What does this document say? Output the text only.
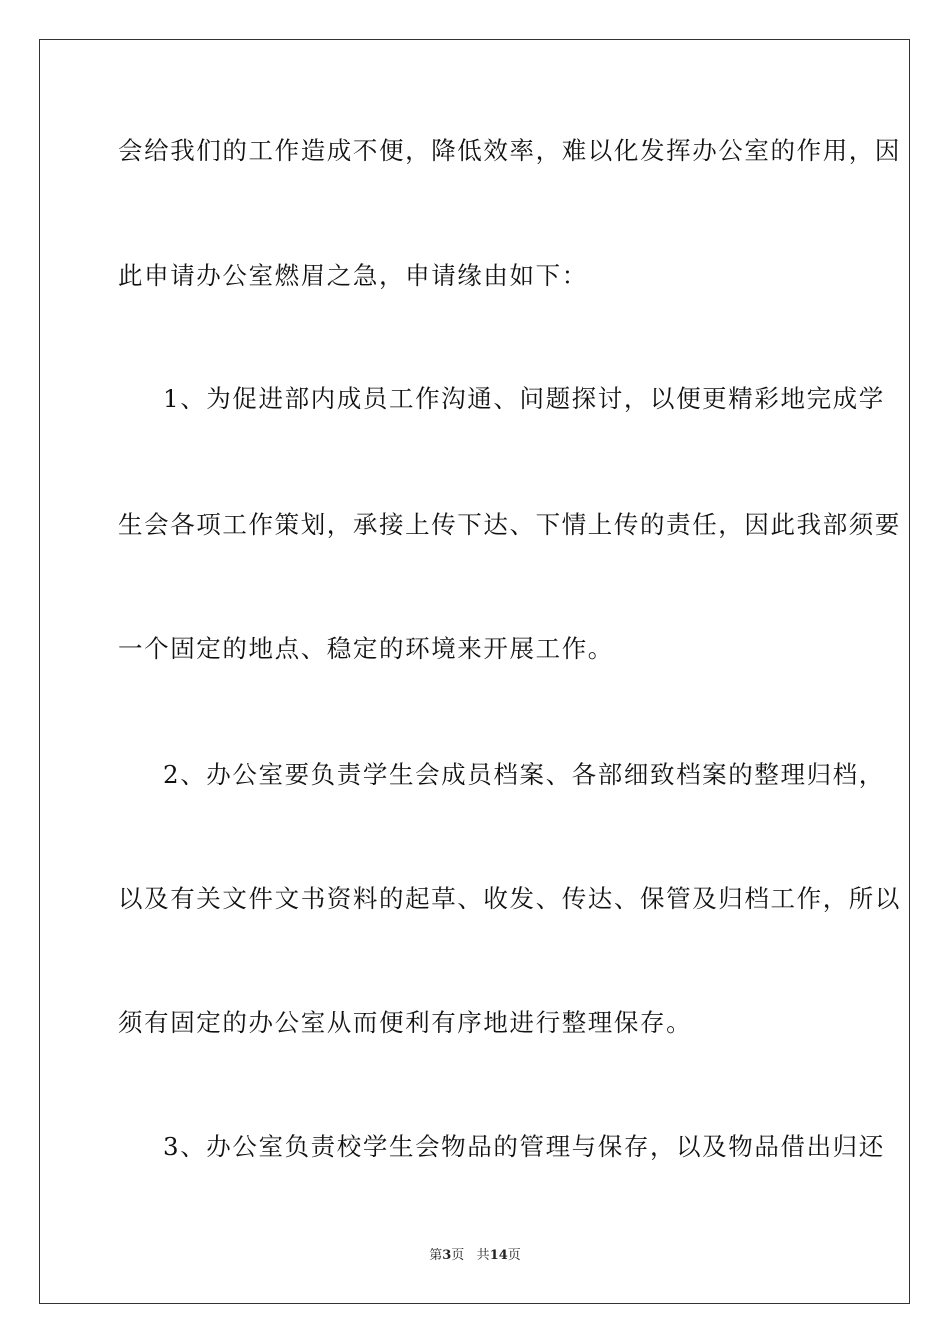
会给我们的工作造成不便，降低效率，难以化发挥办公室的作用，因
此申请办公室燃眉之急，申请缘由如下：
1、为促进部内成员工作沟通、问题探讨，以便更精彩地完成学
生会各项工作策划，承接上传下达、下情上传的责任，因此我部须要
一个固定的地点、稳定的环境来开展工作。
2、办公室要负责学生会成员档案、各部细致档案的整理归档，
以及有关文件文书资料的起草、收发、传达、保管及归档工作，所以
须有固定的办公室从而便利有序地进行整理保存。
3、办公室负责校学生会物品的管理与保存，以及物品借出归还
第3页 共14页
